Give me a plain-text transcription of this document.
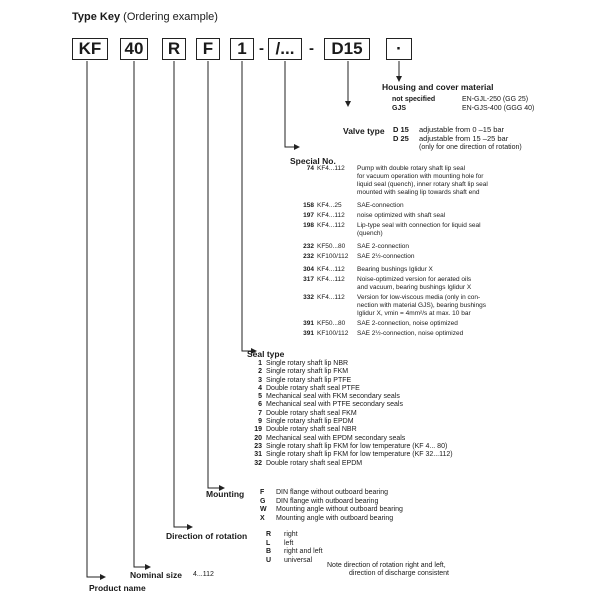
Type Key (Ordering example)
KF	40	R	F	1 - /... -	D15	·
Housing and cover material
not specified	EN-GJL-250 (GG 25)
GJS	EN-GJS-400 (GGG 40)
Valve type D 15 adjustable from 0 –15 bar
D 25 adjustable from 15 –25 bar
(only for one direction of rotation)
Special No.
74 KF4...112 Pump with double rotary shaft lip seal
for vacuum operation with mounting hole for
liquid seal (quench), inner rotary shaft lip seal
mounted with sealing lip towards shaft end
158 KF4...25 SAE-connection
197 KF4...112 noise optimized with shaft seal
198 KF4...112 Lip-type seal with connection for liquid seal
(quench)
232 KF50...80 SAE 2-connection
232 KF100/112 SAE 2½-connection
304 KF4...112 Bearing bushings Iglidur X
317 KF4...112 Noise-optimized version for aerated oils
and vacuum, bearing bushings Iglidur X
332 KF4...112 Version for low-viscous media (only in con-
nection with material GJS), bearing bushings
Iglidur X, νmin = 4mm²/s at max. 10 bar
391 KF50...80 SAE 2-connection, noise optimized
391 KF100/112 SAE 2½-connection, noise optimized
Seal type
1 Single rotary shaft lip NBR
2 Single rotary shaft lip FKM
3 Single rotary shaft lip PTFE
4 Double rotary shaft seal PTFE
5 Mechanical seal with FKM secondary seals
6 Mechanical seal with PTFE secondary seals
7 Double rotary shaft seal FKM
9 Single rotary shaft lip EPDM
19 Double rotary shaft seal NBR
20 Mechanical seal with EPDM secondary seals
23 Single rotary shaft lip FKM for low temperature (KF 4... 80)
31 Single rotary shaft lip FKM for low temperature (KF 32...112)
32 Double rotary shaft seal EPDM
Mounting F DIN flange without outboard bearing
G DIN flange with outboard bearing
W Mounting angle without outboard bearing
X Mounting angle with outboard bearing
Direction of rotation	R right
L left
B right and left
U universal
Note direction of rotation right and left,
direction of discharge consistent
Nominal size 4...112
Product name
